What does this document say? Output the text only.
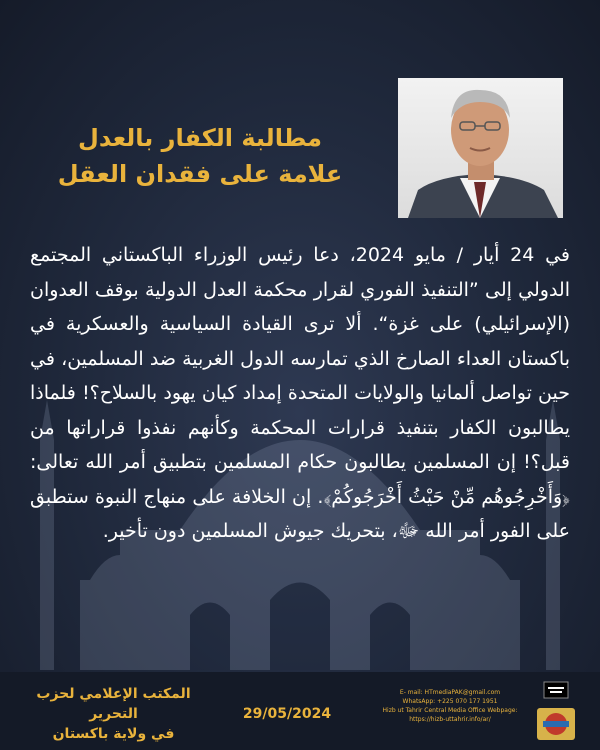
مطالبة الكفار بالعدل
علامة على فقدان العقل
في 24 أيار / مايو 2024، دعا رئيس الوزراء الباكستاني المجتمع الدولي إلى ”التنفيذ الفوري لقرار محكمة العدل الدولية بوقف العدوان (الإسرائيلي) على غزة“. ألا ترى القيادة السياسية والعسكرية في باكستان العداء الصارخ الذي تمارسه الدول الغربية ضد المسلمين، في حين تواصل ألمانيا والولايات المتحدة إمداد كيان يهود بالسلاح؟! فلماذا يطالبون الكفار بتنفيذ قرارات المحكمة وكأنهم نفذوا قراراتها من قبل؟! إن المسلمين يطالبون حكام المسلمين بتطبيق أمر الله تعالى: ﴿وَأَخْرِجُوهُم مِّنْ حَيْثُ أَخْرَجُوكُمْ﴾. إن الخلافة على منهاج النبوة ستطبق على الفور أمر الله ﷻ، بتحريك جيوش المسلمين دون تأخير.
المكتب الإعلامي لحزب التحرير
في ولاية باكستان
29/05/2024
E- mail: HTmediaPAK@gmail.com
WhatsApp: +225 070 177 1951
Hizb ut Tahrir Central Media Office Webpage:
https://hizb-uttahrir.info/ar/
